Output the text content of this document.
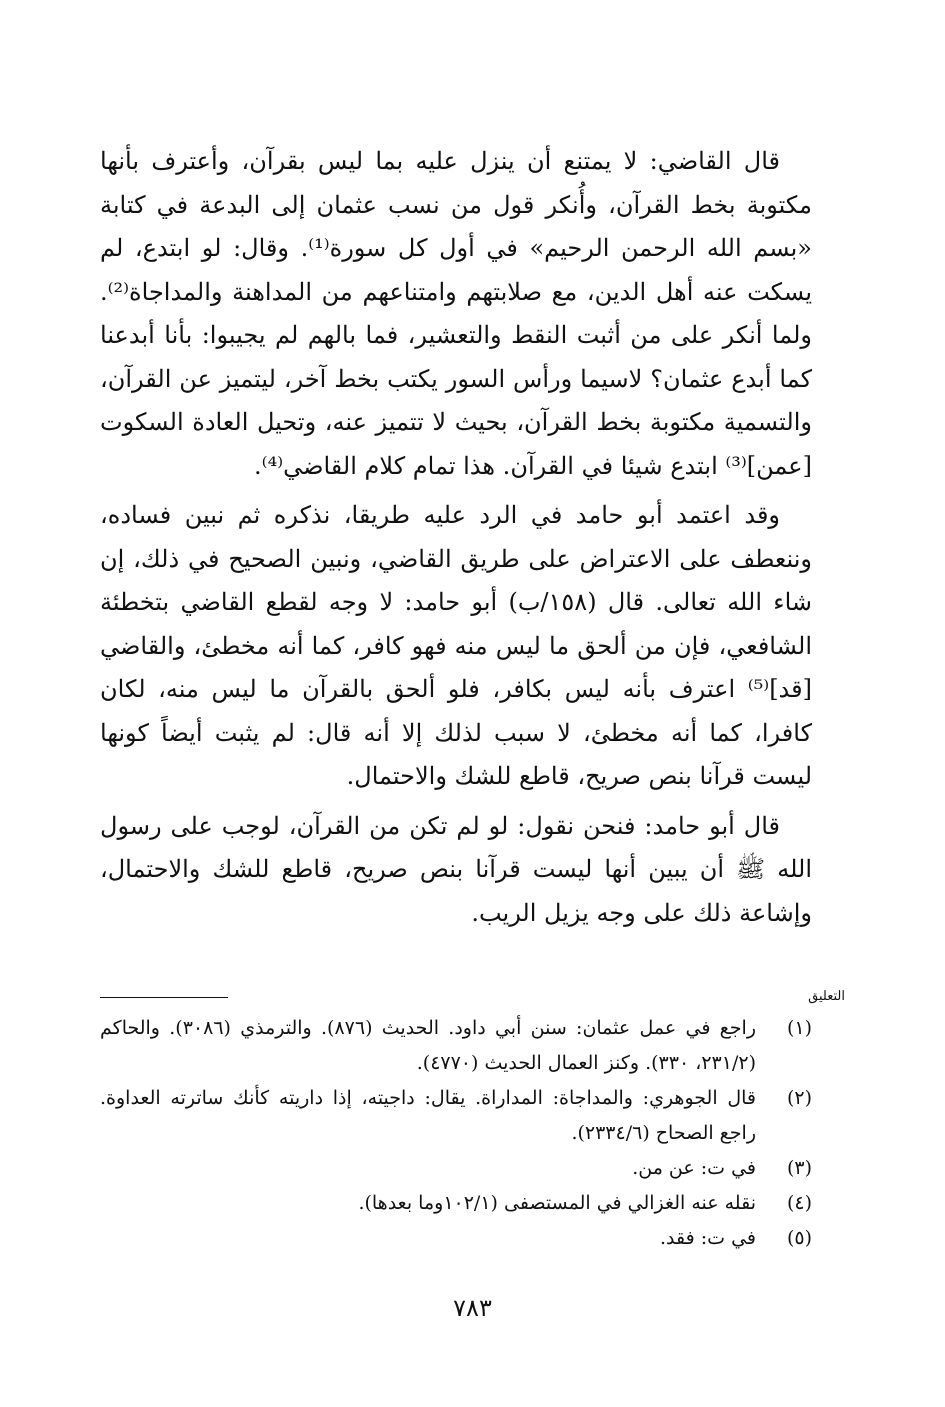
قال القاضي: لا يمتنع أن ينزل عليه بما ليس بقرآن، وأعترف بأنها مكتوبة بخط القرآن، وأُنكر قول من نسب عثمان إلى البدعة في كتابة «بسم الله الرحمن الرحيم» في أول كل سورة⁽¹⁾. وقال: لو ابتدع، لم يسكت عنه أهل الدين، مع صلابتهم وامتناعهم من المداهنة والمداجاة⁽²⁾. ولما أنكر على من أثبت النقط والتعشير، فما بالهم لم يجيبوا: بأنا أبدعنا كما أبدع عثمان؟ لاسيما ورأس السور يكتب بخط آخر، ليتميز عن القرآن، والتسمية مكتوبة بخط القرآن، بحيث لا تتميز عنه، وتحيل العادة السكوت [عمن]⁽³⁾ ابتدع شيئا في القرآن. هذا تمام كلام القاضي⁽⁴⁾.

وقد اعتمد أبو حامد في الرد عليه طريقا، نذكره ثم نبين فساده، وننعطف على الاعتراض على طريق القاضي، ونبين الصحيح في ذلك، إن شاء الله تعالى. قال (١٥٨/ب) أبو حامد: لا وجه لقطع القاضي بتخطئة الشافعي، فإن من ألحق ما ليس منه فهو كافر، كما أنه مخطئ، والقاضي [قد]⁽⁵⁾ اعترف بأنه ليس بكافر، فلو ألحق بالقرآن ما ليس منه، لكان كافرا، كما أنه مخطئ، لا سبب لذلك إلا أنه قال: لم يثبت أيضاً كونها ليست قرآنا بنص صريح، قاطع للشك والاحتمال.

قال أبو حامد: فنحن نقول: لو لم تكن من القرآن، لوجب على رسول الله ﷺ أن يبين أنها ليست قرآنا بنص صريح، قاطع للشك والاحتمال، وإشاعة ذلك على وجه يزيل الريب.

التعليق
(١)
راجع في عمل عثمان: سنن أبي داود. الحديث (٨٧٦). والترمذي (٣٠٨٦). والحاكم (٢٣١/٢، ٣٣٠). وكنز العمال الحديث (٤٧٧٠).
(٢)
قال الجوهري: والمداجاة: المداراة. يقال: داجيته، إذا داريته كأنك ساترته العداوة. راجع الصحاح (٢٣٣٤/٦).
(٣)
في ت: عن من.
(٤)
نقله عنه الغزالي في المستصفى (١٠٢/١وما بعدها).
(٥)
في ت: فقد.
٧٨٣
